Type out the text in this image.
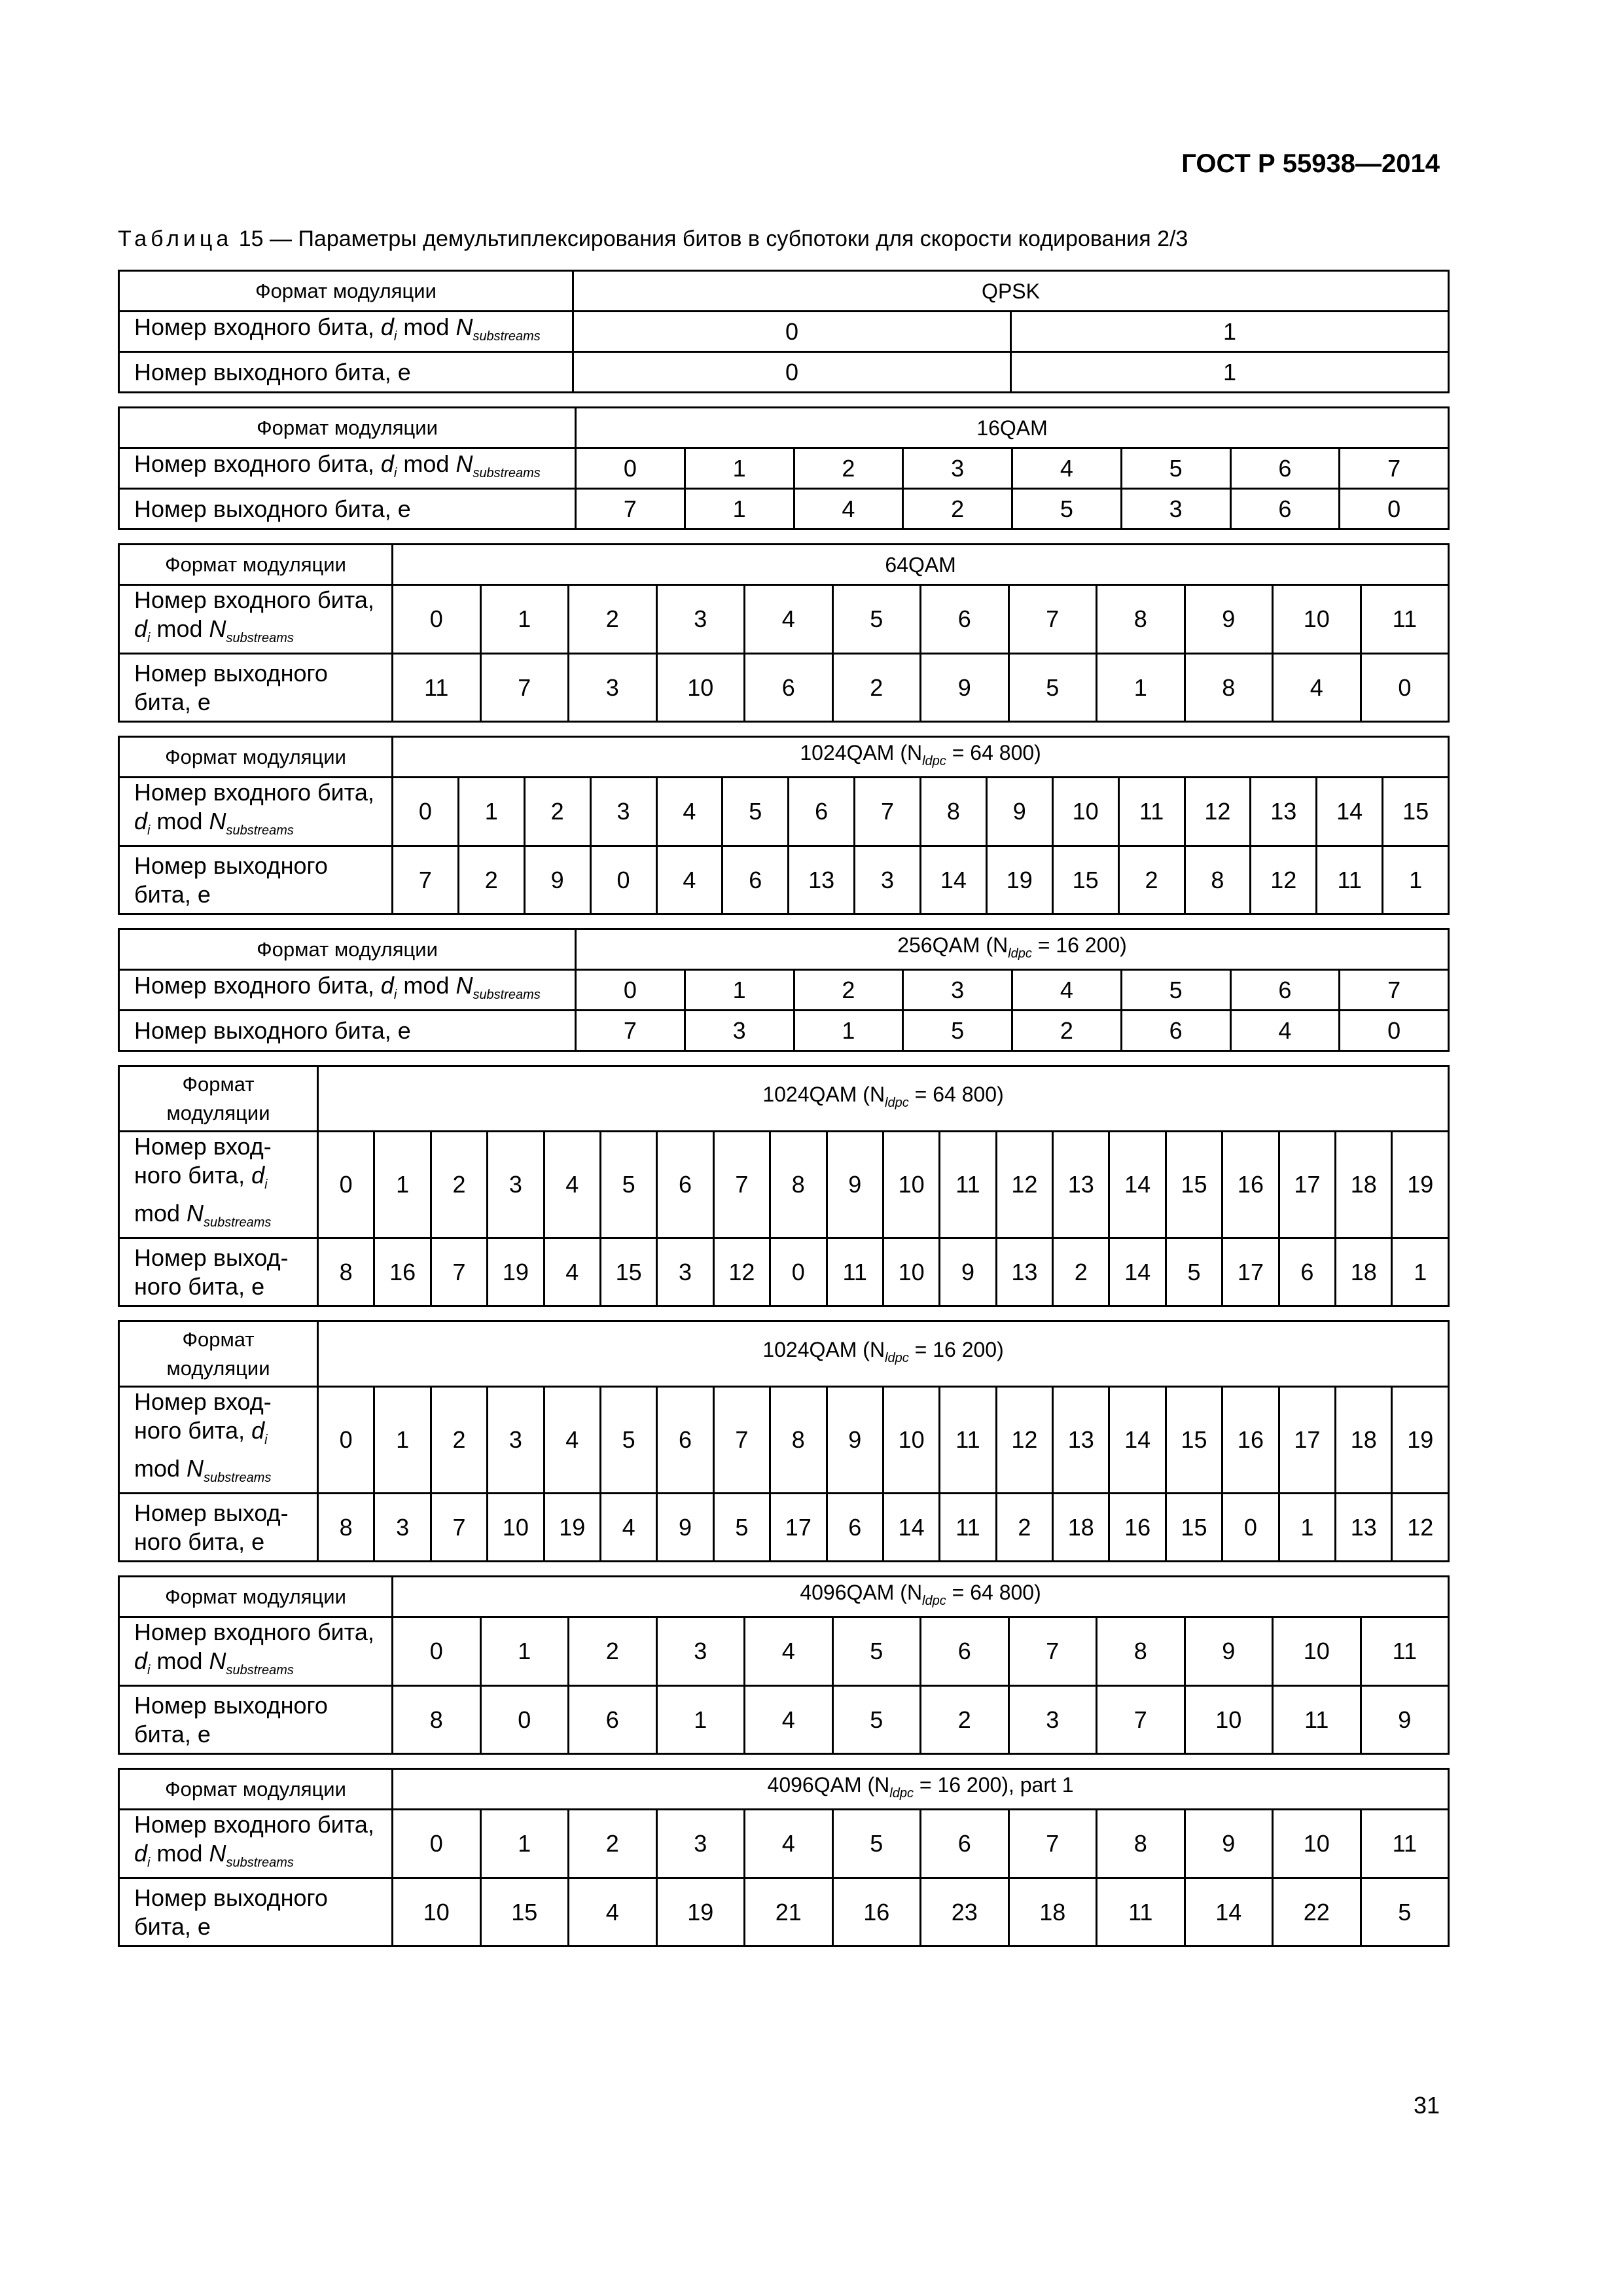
ГОСТ Р 55938—2014
Таблица 15 — Параметры демультиплексирования битов в субпотоки для скорости кодирования 2/3
Формат модуляции	QPSK	
Номер входного бита, $d_i$ mod $N_{substreams}$	0	1
Номер выходного бита, e	0	1
Формат модуляции	16QAM							
Номер входного бита, $d_i$ mod $N_{substreams}$	0	1	2	3	4	5	6	7
Номер выходного бита, e	7	1	4	2	5	3	6	0
Формат модуляции	64QAM											
Номер входного бита, $d_i$ mod $N_{substreams}$	0	1	2	3	4	5	6	7	8	9	10	11
Номер выходного бита, e	11	7	3	10	6	2	9	5	1	8	4	0
Формат модуляции	1024QAM ($N_{ldpc} = 64$ 800)															
Номер входного бита, $d_i$ mod $N_{substreams}$	0	1	2	3	4	5	6	7	8	9	10	11	12	13	14	15
Номер выходного бита, e	7	2	9	0	4	6	13	3	14	19	15	2	8	12	11	1
Формат модуляции	256QAM ($N_{ldpc} = 16$ 200)							
Номер входного бита, $d_i$ mod $N_{substreams}$	0	1	2	3	4	5	6	7
Номер выходного бита, e	7	3	1	5	2	6	4	0
Формат модуляции	1024QAM ($N_{ldpc} = 64$ 800)																			
Номер вход- ного бита, $d_i$ mod $N_{substreams}$	0	1	2	3	4	5	6	7	8	9	10	11	12	13	14	15	16	17	18	19
Номер выход- ного бита, e	8	16	7	19	4	15	3	12	0	11	10	9	13	2	14	5	17	6	18	1
Формат модуляции	1024QAM ($N_{ldpc} = 16$ 200)																			
Номер вход- ного бита, $d_i$ mod $N_{substreams}$	0	1	2	3	4	5	6	7	8	9	10	11	12	13	14	15	16	17	18	19
Номер выход- ного бита, e	8	3	7	10	19	4	9	5	17	6	14	11	2	18	16	15	0	1	13	12
Формат модуляции	4096QAM ($N_{ldpc} = 64$ 800)											
Номер входного бита, $d_i$ mod $N_{substreams}$	0	1	2	3	4	5	6	7	8	9	10	11
Номер выходного бита, e	8	0	6	1	4	5	2	3	7	10	11	9
Формат модуляции	4096QAM ($N_{ldpc} = 16$ 200), part 1											
Номер входного бита, $d_i$ mod $N_{substreams}$	0	1	2	3	4	5	6	7	8	9	10	11
Номер выходного бита, e	10	15	4	19	21	16	23	18	11	14	22	5
31
